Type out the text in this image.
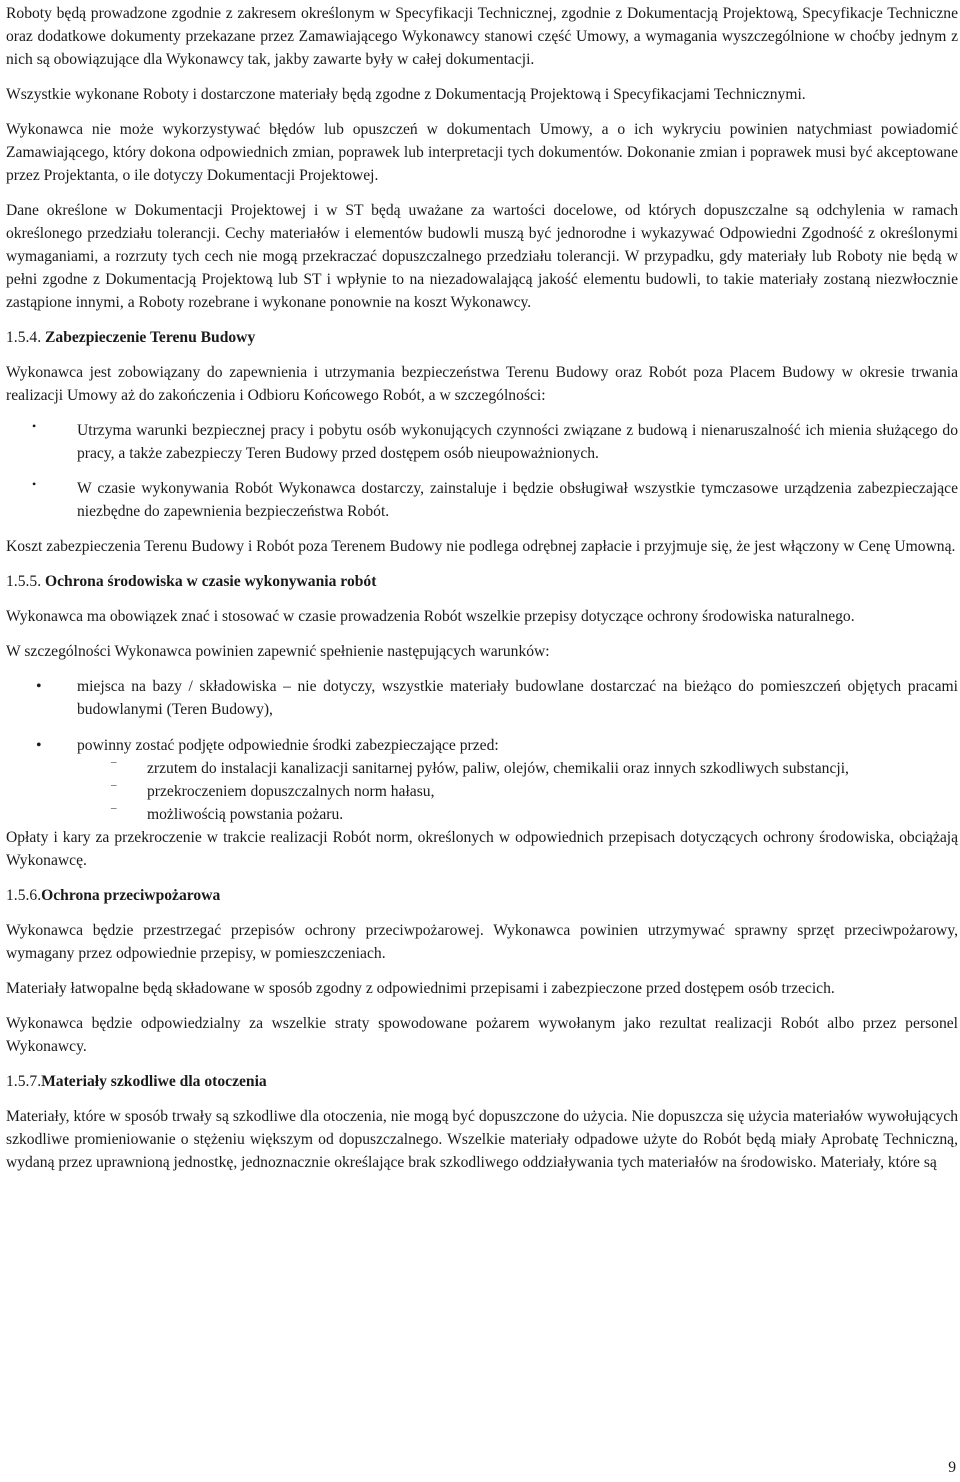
Roboty będą prowadzone zgodnie z zakresem określonym w Specyfikacji Technicznej, zgodnie z Dokumentacją Projektową, Specyfikacje Techniczne oraz dodatkowe dokumenty przekazane przez Zamawiającego Wykonawcy stanowi część Umowy, a wymagania wyszczególnione w choćby jednym z nich są obowiązujące dla Wykonawcy tak, jakby zawarte były w całej dokumentacji.

Wszystkie wykonane Roboty i dostarczone materiały będą zgodne z Dokumentacją Projektową i Specyfikacjami Technicznymi.

Wykonawca nie może wykorzystywać błędów lub opuszczeń w dokumentach Umowy, a o ich wykryciu powinien natychmiast powiadomić Zamawiającego, który dokona odpowiednich zmian, poprawek lub interpretacji tych dokumentów. Dokonanie zmian i poprawek musi być akceptowane przez Projektanta, o ile dotyczy Dokumentacji Projektowej.

Dane określone w Dokumentacji Projektowej i w ST będą uważane za wartości docelowe, od których dopuszczalne są odchylenia w ramach określonego przedziału tolerancji. Cechy materiałów i elementów budowli muszą być jednorodne i wykazywać Odpowiedni Zgodność z określonymi wymaganiami, a rozrzuty tych cech nie mogą przekraczać dopuszczalnego przedziału tolerancji. W przypadku, gdy materiały lub Roboty nie będą w pełni zgodne z Dokumentacją Projektową lub ST i wpłynie to na niezadowalającą jakość elementu budowli, to takie materiały zostaną niezwłocznie zastąpione innymi, a Roboty rozebrane i wykonane ponownie na koszt Wykonawcy.

1.5.4. Zabezpieczenie Terenu Budowy

Wykonawca jest zobowiązany do zapewnienia i utrzymania bezpieczeństwa Terenu Budowy oraz Robót poza Placem Budowy w okresie trwania realizacji Umowy aż do zakończenia i Odbioru Końcowego Robót, a w szczególności:

• Utrzyma warunki bezpiecznej pracy i pobytu osób wykonujących czynności związane z budową i nienaruszalność ich mienia służącego do pracy, a także zabezpieczy Teren Budowy przed dostępem osób nieupoważnionych.
• W czasie wykonywania Robót Wykonawca dostarczy, zainstaluje i będzie obsługiwał wszystkie tymczasowe urządzenia zabezpieczające niezbędne do zapewnienia bezpieczeństwa Robót.

Koszt zabezpieczenia Terenu Budowy i Robót poza Terenem Budowy nie podlega odrębnej zapłacie i przyjmuje się, że jest włączony w Cenę Umowną.

1.5.5. Ochrona środowiska w czasie wykonywania robót

Wykonawca ma obowiązek znać i stosować w czasie prowadzenia Robót wszelkie przepisy dotyczące ochrony środowiska naturalnego.

W szczególności Wykonawca powinien zapewnić spełnienie następujących warunków:

• miejsca na bazy / składowiska – nie dotyczy, wszystkie materiały budowlane dostarczać na bieżąco do pomieszczeń objętych pracami budowlanymi (Teren Budowy),
• powinny zostać podjęte odpowiednie środki zabezpieczające przed:
– zrzutem do instalacji kanalizacji sanitarnej pyłów, paliw, olejów, chemikalii oraz innych szkodliwych substancji,
– przekroczeniem dopuszczalnych norm hałasu,
– możliwością powstania pożaru.

Opłaty i kary za przekroczenie w trakcie realizacji Robót norm, określonych w odpowiednich przepisach dotyczących ochrony środowiska, obciążają Wykonawcę.

1.5.6.Ochrona przeciwpożarowa

Wykonawca będzie przestrzegać przepisów ochrony przeciwpożarowej. Wykonawca powinien utrzymywać sprawny sprzęt przeciwpożarowy, wymagany przez odpowiednie przepisy, w pomieszczeniach.

Materiały łatwopalne będą składowane w sposób zgodny z odpowiednimi przepisami i zabezpieczone przed dostępem osób trzecich.

Wykonawca będzie odpowiedzialny za wszelkie straty spowodowane pożarem wywołanym jako rezultat realizacji Robót albo przez personel Wykonawcy.

1.5.7.Materiały szkodliwe dla otoczenia

Materiały, które w sposób trwały są szkodliwe dla otoczenia, nie mogą być dopuszczone do użycia. Nie dopuszcza się użycia materiałów wywołujących szkodliwe promieniowanie o stężeniu większym od dopuszczalnego. Wszelkie materiały odpadowe użyte do Robót będą miały Aprobatę Techniczną, wydaną przez uprawnioną jednostkę, jednoznacznie określające brak szkodliwego oddziaływania tych materiałów na środowisko. Materiały, które są

9
